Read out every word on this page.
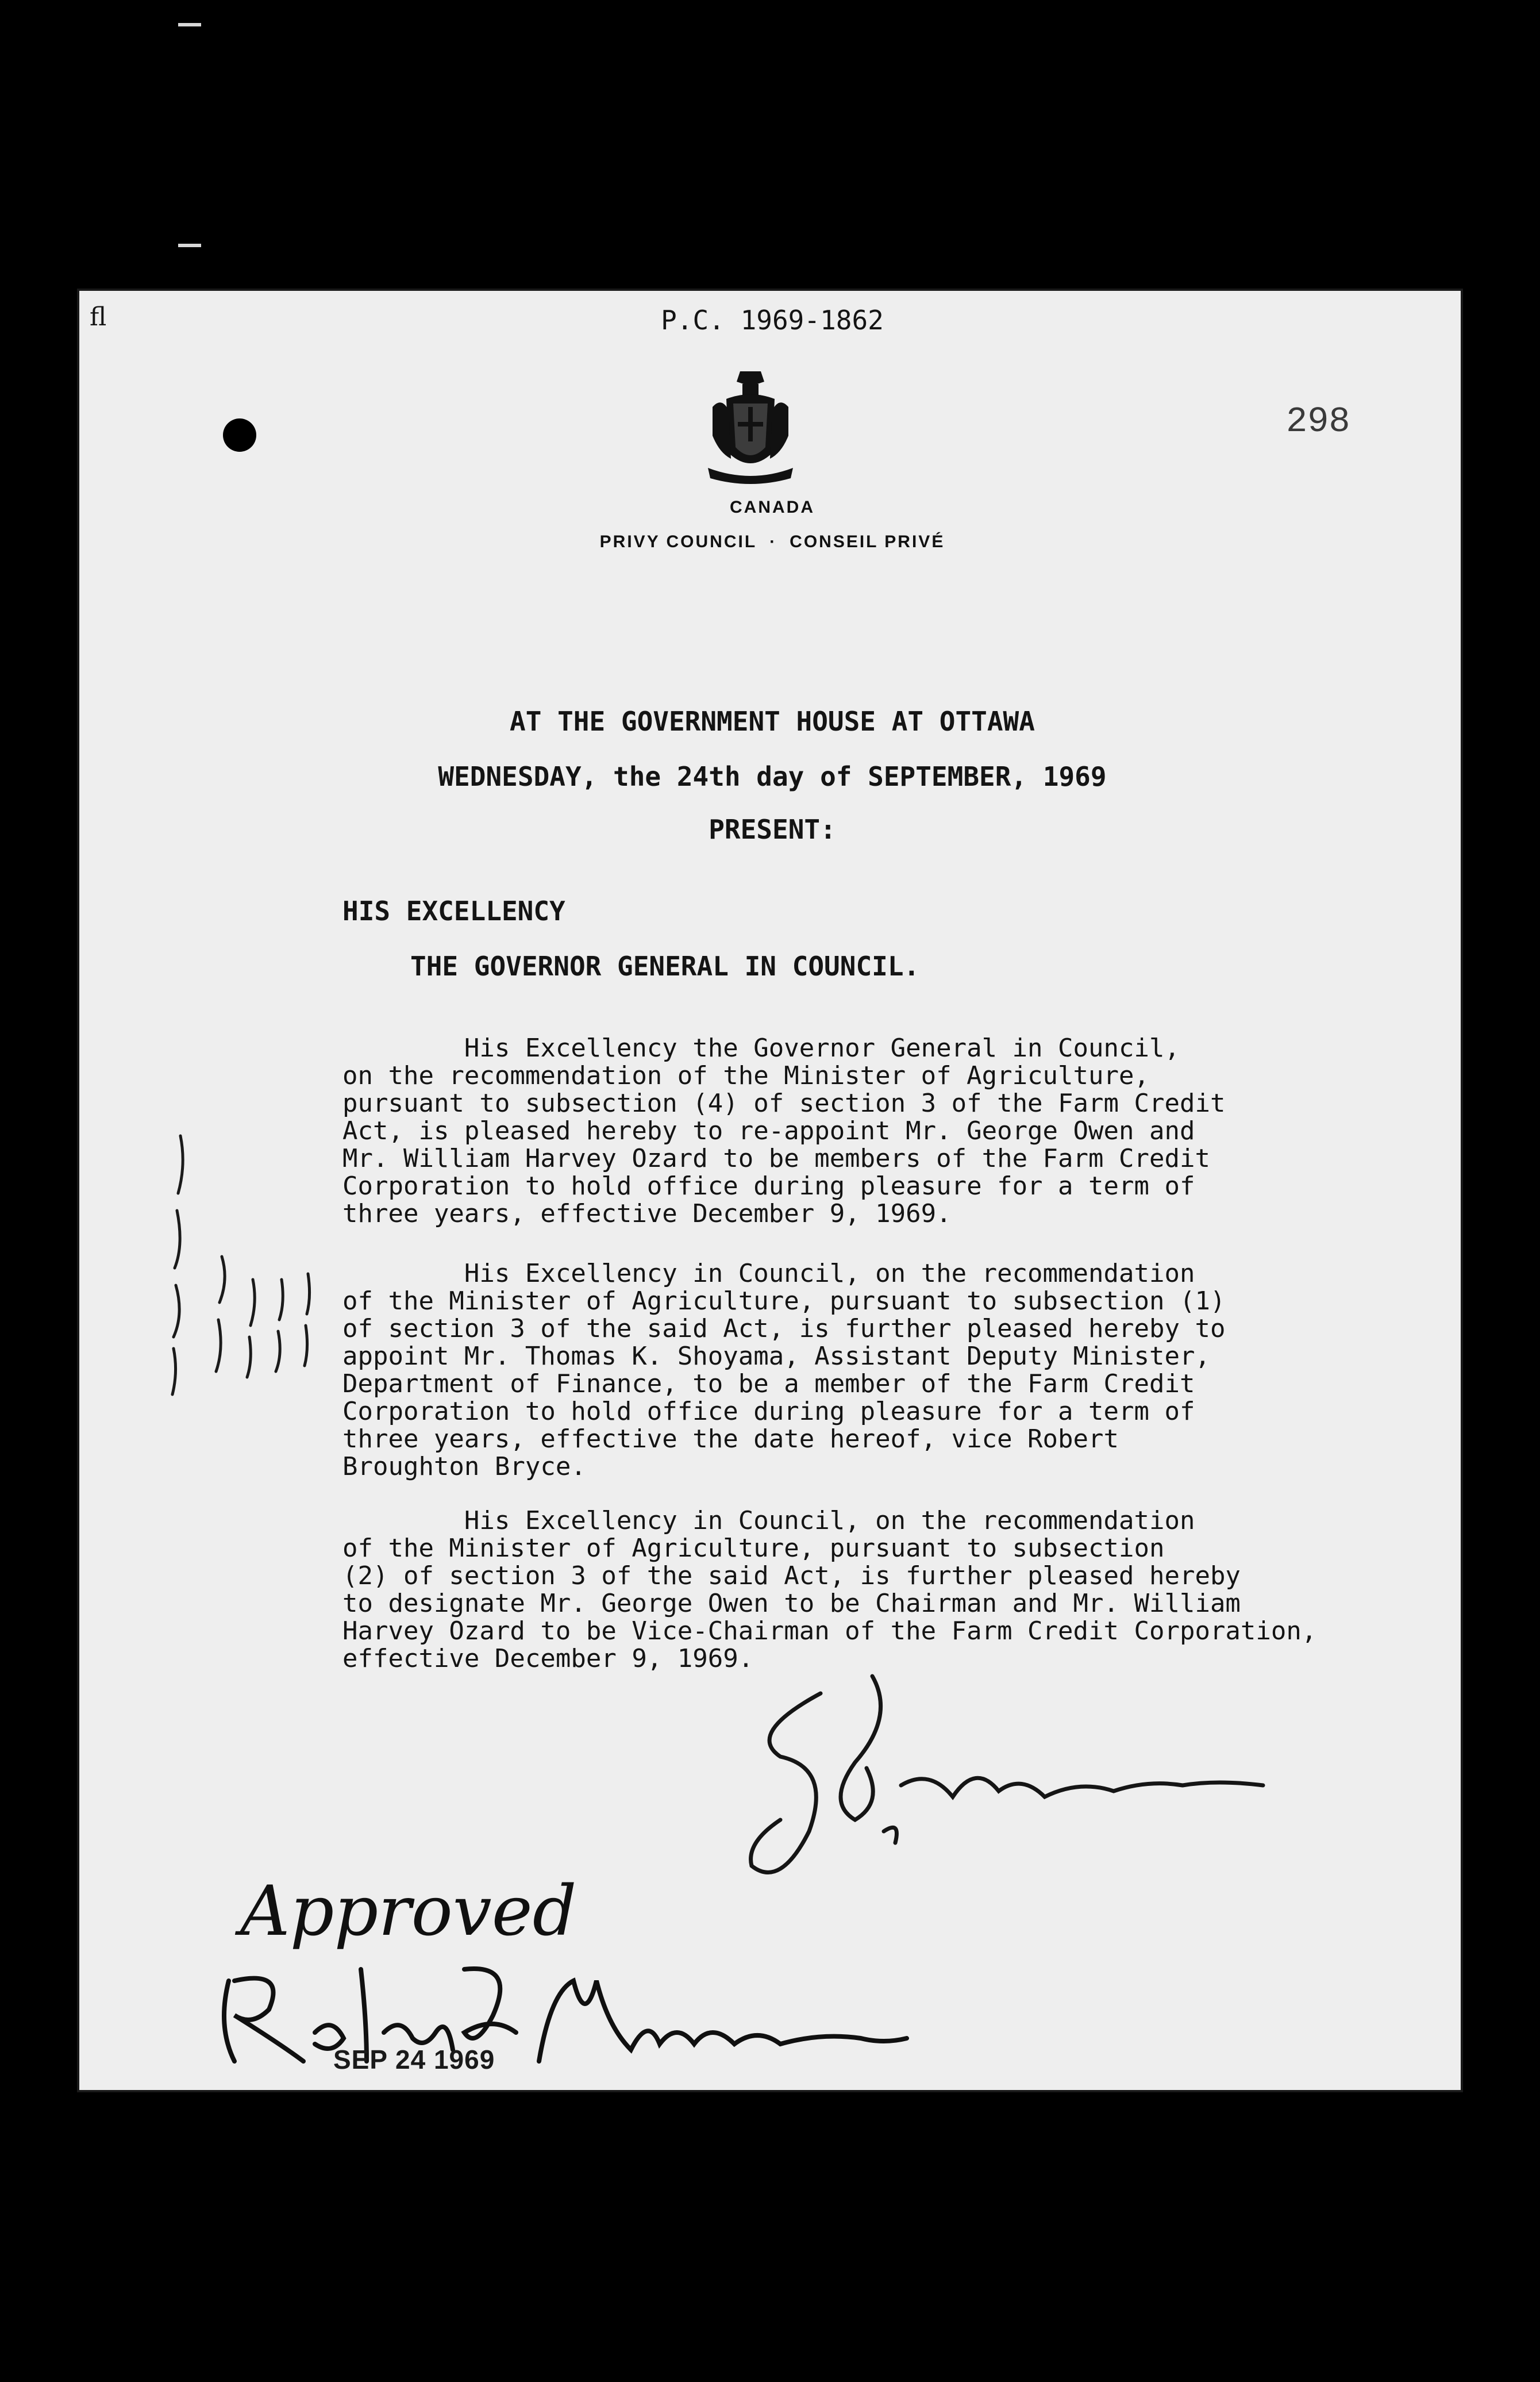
fl	P.C. 1969-1862
298
CANADA
PRIVY COUNCIL · CONSEIL PRIVÉ
AT THE GOVERNMENT HOUSE AT OTTAWA
WEDNESDAY, the 24th day of SEPTEMBER, 1969
PRESENT:
HIS EXCELLENCY
THE GOVERNOR GENERAL IN COUNCIL.
His Excellency the Governor General in Council,
on the recommendation of the Minister of Agriculture,
pursuant to subsection (4) of section 3 of the Farm Credit
Act, is pleased hereby to re-appoint Mr. George Owen and
Mr. William Harvey Ozard to be members of the Farm Credit
Corporation to hold office during pleasure for a term of
three years, effective December 9, 1969.
His Excellency in Council, on the recommendation
of the Minister of Agriculture, pursuant to subsection (1)
of section 3 of the said Act, is further pleased hereby to
appoint Mr. Thomas K. Shoyama, Assistant Deputy Minister,
Department of Finance, to be a member of the Farm Credit
Corporation to hold office during pleasure for a term of
three years, effective the date hereof, vice Robert
Broughton Bryce.
His Excellency in Council, on the recommendation
of the Minister of Agriculture, pursuant to subsection
(2) of section 3 of the said Act, is further pleased hereby
to designate Mr. George Owen to be Chairman and Mr. William
Harvey Ozard to be Vice-Chairman of the Farm Credit Corporation,
effective December 9, 1969.
Approved
SEP 24 1969
